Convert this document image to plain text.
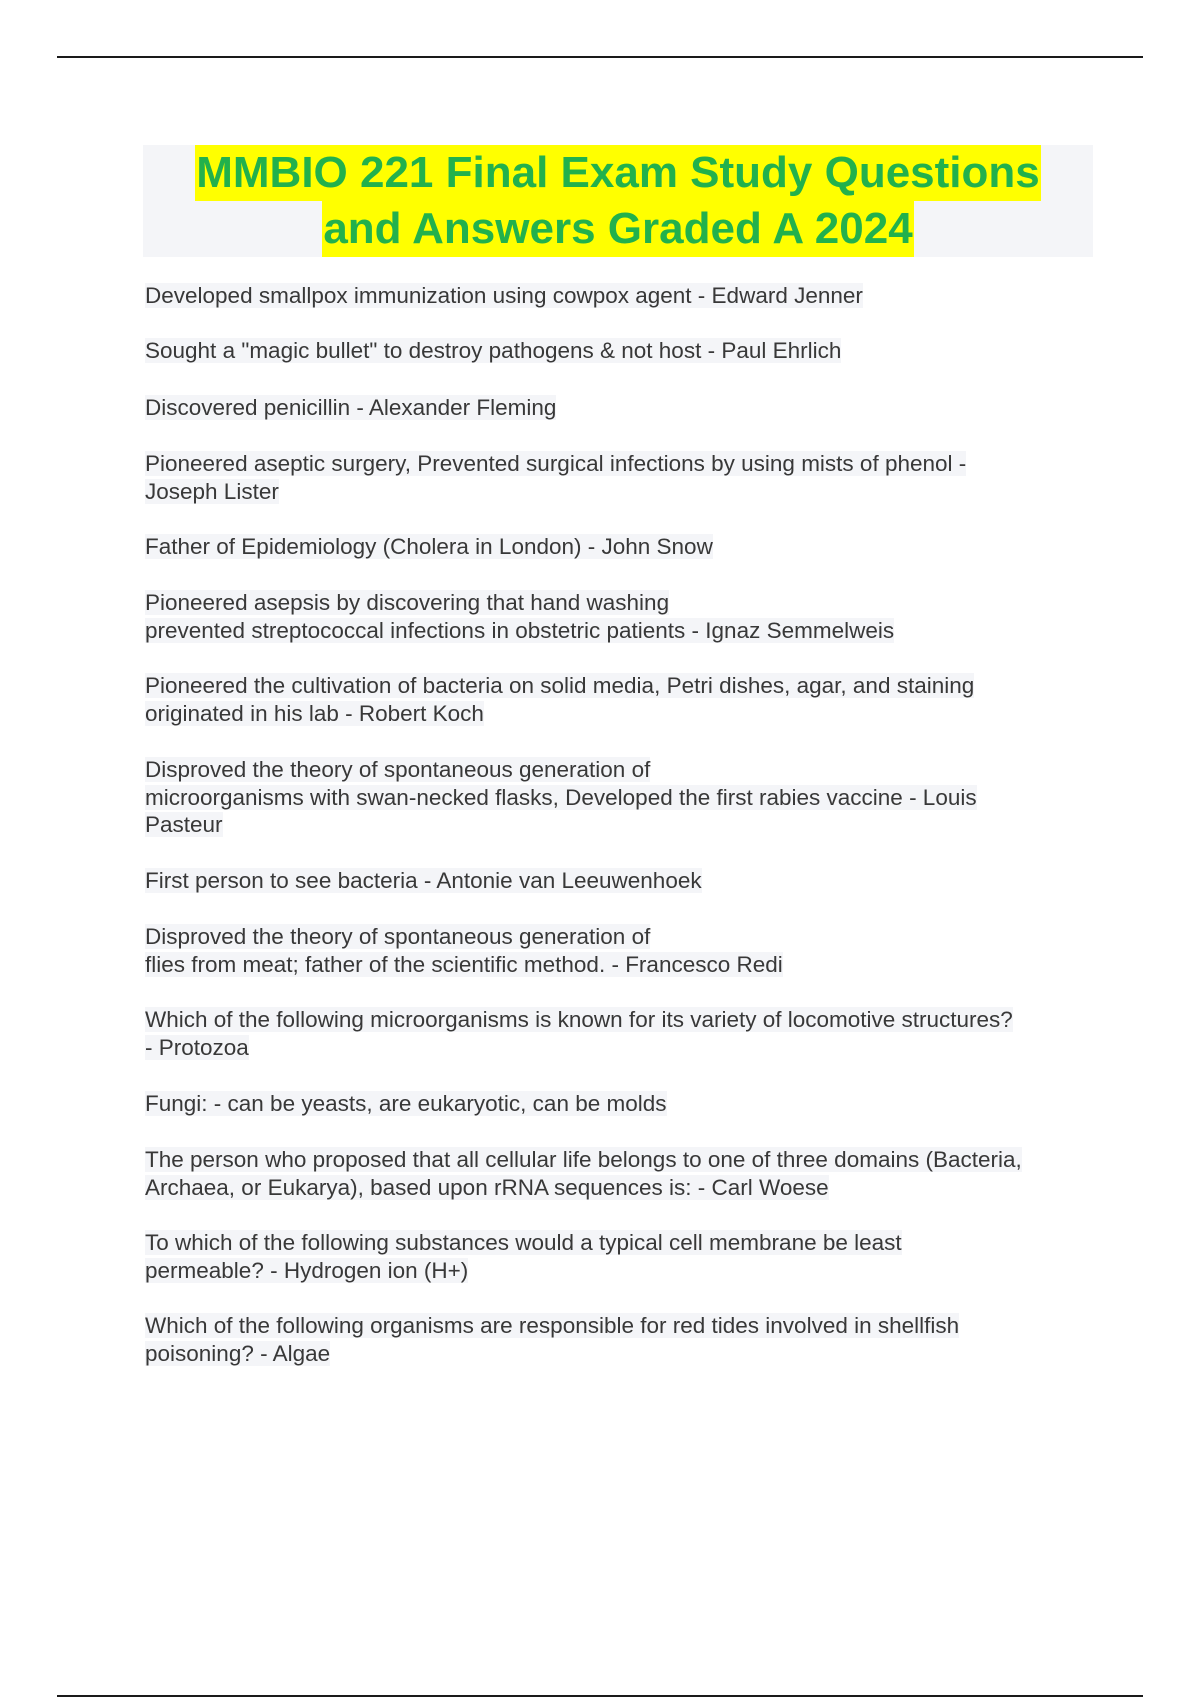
MMBIO 221 Final Exam Study Questions
and Answers Graded A 2024
Developed smallpox immunization using cowpox agent - Edward Jenner
Sought a "magic bullet" to destroy pathogens & not host - Paul Ehrlich
Discovered penicillin - Alexander Fleming
Pioneered aseptic surgery, Prevented surgical infections by using mists of phenol -
Joseph Lister
Father of Epidemiology (Cholera in London) - John Snow
Pioneered asepsis by discovering that hand washing
prevented streptococcal infections in obstetric patients - Ignaz Semmelweis
Pioneered the cultivation of bacteria on solid media, Petri dishes, agar, and staining
originated in his lab - Robert Koch
Disproved the theory of spontaneous generation of
microorganisms with swan-necked flasks, Developed the first rabies vaccine - Louis
Pasteur
First person to see bacteria - Antonie van Leeuwenhoek
Disproved the theory of spontaneous generation of
flies from meat; father of the scientific method. - Francesco Redi
Which of the following microorganisms is known for its variety of locomotive structures?
- Protozoa
Fungi: - can be yeasts, are eukaryotic, can be molds
The person who proposed that all cellular life belongs to one of three domains (Bacteria,
Archaea, or Eukarya), based upon rRNA sequences is: - Carl Woese
To which of the following substances would a typical cell membrane be least
permeable? - Hydrogen ion (H+)
Which of the following organisms are responsible for red tides involved in shellfish
poisoning? - Algae
